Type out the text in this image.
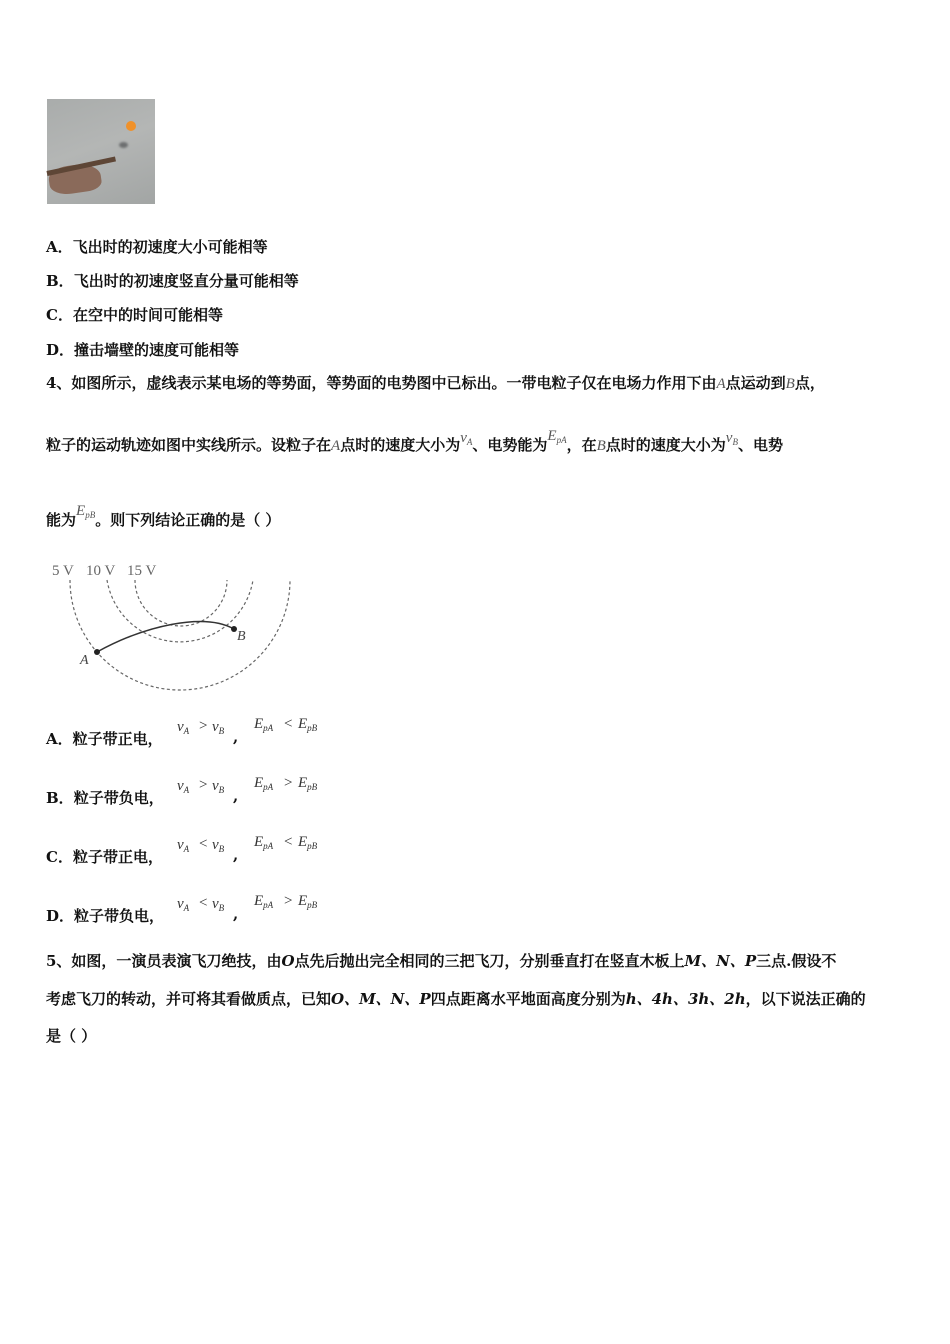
A．飞出时的初速度大小可能相等
B．飞出时的初速度竖直分量可能相等
C．在空中的时间可能相等
D．撞击墙壁的速度可能相等
4、如图所示，虚线表示某电场的等势面，等势面的电势图中已标出。一带电粒子仅在电场力作用下由A点运动到B点，
粒子的运动轨迹如图中实线所示。设粒子在A点时的速度大小为$v_A$、电势能为$E_{pA}$，在B点时的速度大小为$v_B$、电势
能为$E_{pB}$。则下列结论正确的是（ ）
5 V 10 V 15 V
A
B
A．粒子带正电，
$v_A > v_B$ ,
$E_{pA} < E_{pB}$
B．粒子带负电，
$v_A > v_B$ ,
$E_{pA} > E_{pB}$
C．粒子带正电，
$v_A < v_B$ ,
$E_{pA} < E_{pB}$
D．粒子带负电，
$v_A < v_B$ ,
$E_{pA} > E_{pB}$
5、如图，一演员表演飞刀绝技，由O点先后抛出完全相同的三把飞刀，分别垂直打在竖直木板上M、N、P三点.假设不
考虑飞刀的转动，并可将其看做质点，已知O、M、N、P四点距离水平地面高度分别为h、4h、3h、2h，以下说法正确的
是（ ）
